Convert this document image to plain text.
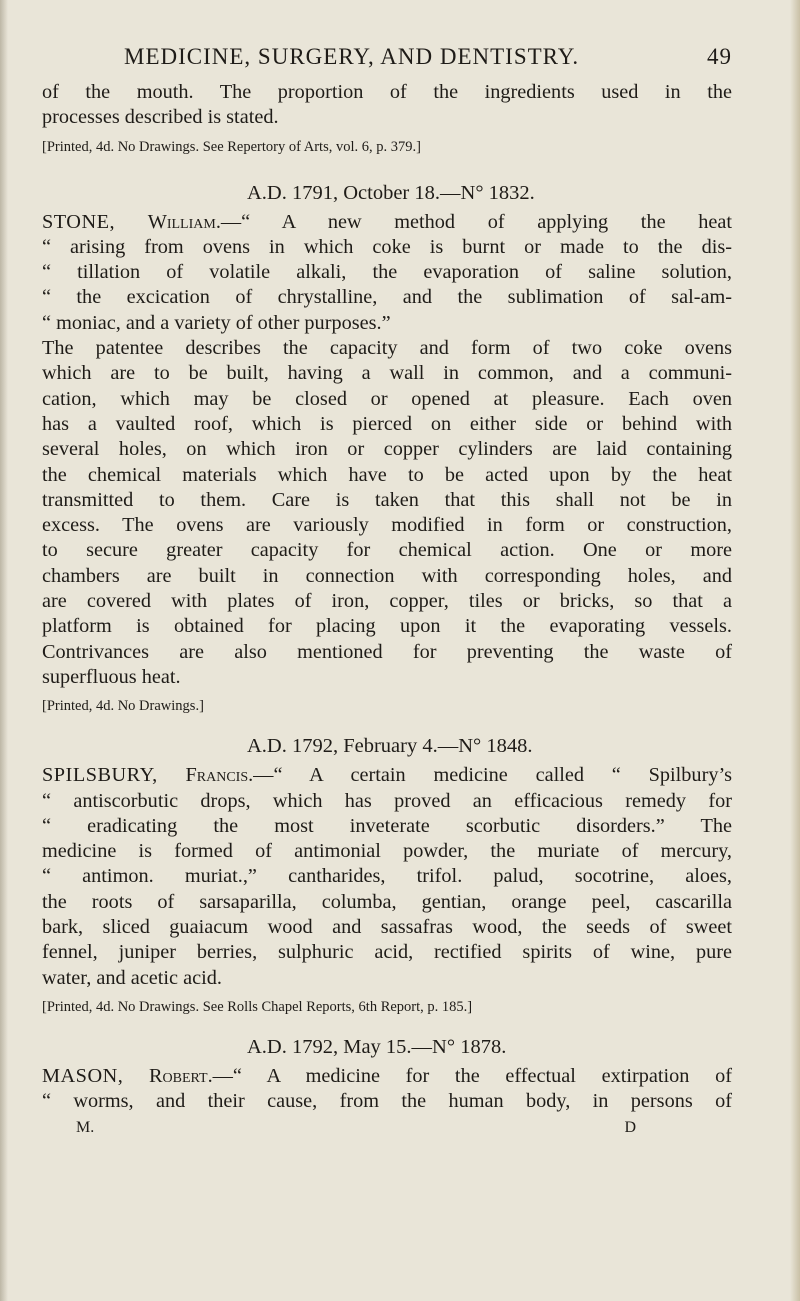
MEDICINE, SURGERY, AND DENTISTRY.	49

of the mouth. The proportion of the ingredients used in the
processes described is stated.

[Printed, 4d. No Drawings. See Repertory of Arts, vol. 6, p. 379.]
A.D. 1791, October 18.—N° 1832.

STONE, William.—“ A new method of applying the heat
“ arising from ovens in which coke is burnt or made to the dis-
“ tillation of volatile alkali, the evaporation of saline solution,
“ the excication of chrystalline, and the sublimation of sal-am-
“ moniac, and a variety of other purposes.”
The patentee describes the capacity and form of two coke ovens
which are to be built, having a wall in common, and a communi-
cation, which may be closed or opened at pleasure. Each oven
has a vaulted roof, which is pierced on either side or behind with
several holes, on which iron or copper cylinders are laid containing
the chemical materials which have to be acted upon by the heat
transmitted to them. Care is taken that this shall not be in
excess. The ovens are variously modified in form or construction,
to secure greater capacity for chemical action. One or more
chambers are built in connection with corresponding holes, and
are covered with plates of iron, copper, tiles or bricks, so that a
platform is obtained for placing upon it the evaporating vessels.
Contrivances are also mentioned for preventing the waste of
superfluous heat.

[Printed, 4d. No Drawings.]
A.D. 1792, February 4.—N° 1848.

SPILSBURY, Francis.—“ A certain medicine called “ Spilbury’s
“ antiscorbutic drops, which has proved an efficacious remedy for
“ eradicating the most inveterate scorbutic disorders.” The
medicine is formed of antimonial powder, the muriate of mercury,
“ antimon. muriat.,” cantharides, trifol. palud, socotrine, aloes,
the roots of sarsaparilla, columba, gentian, orange peel, cascarilla
bark, sliced guaiacum wood and sassafras wood, the seeds of sweet
fennel, juniper berries, sulphuric acid, rectified spirits of wine, pure
water, and acetic acid.

[Printed, 4d. No Drawings. See Rolls Chapel Reports, 6th Report, p. 185.]
A.D. 1792, May 15.—N° 1878.

MASON, Robert.—“ A medicine for the effectual extirpation of
“ worms, and their cause, from the human body, in persons of

M.	D
